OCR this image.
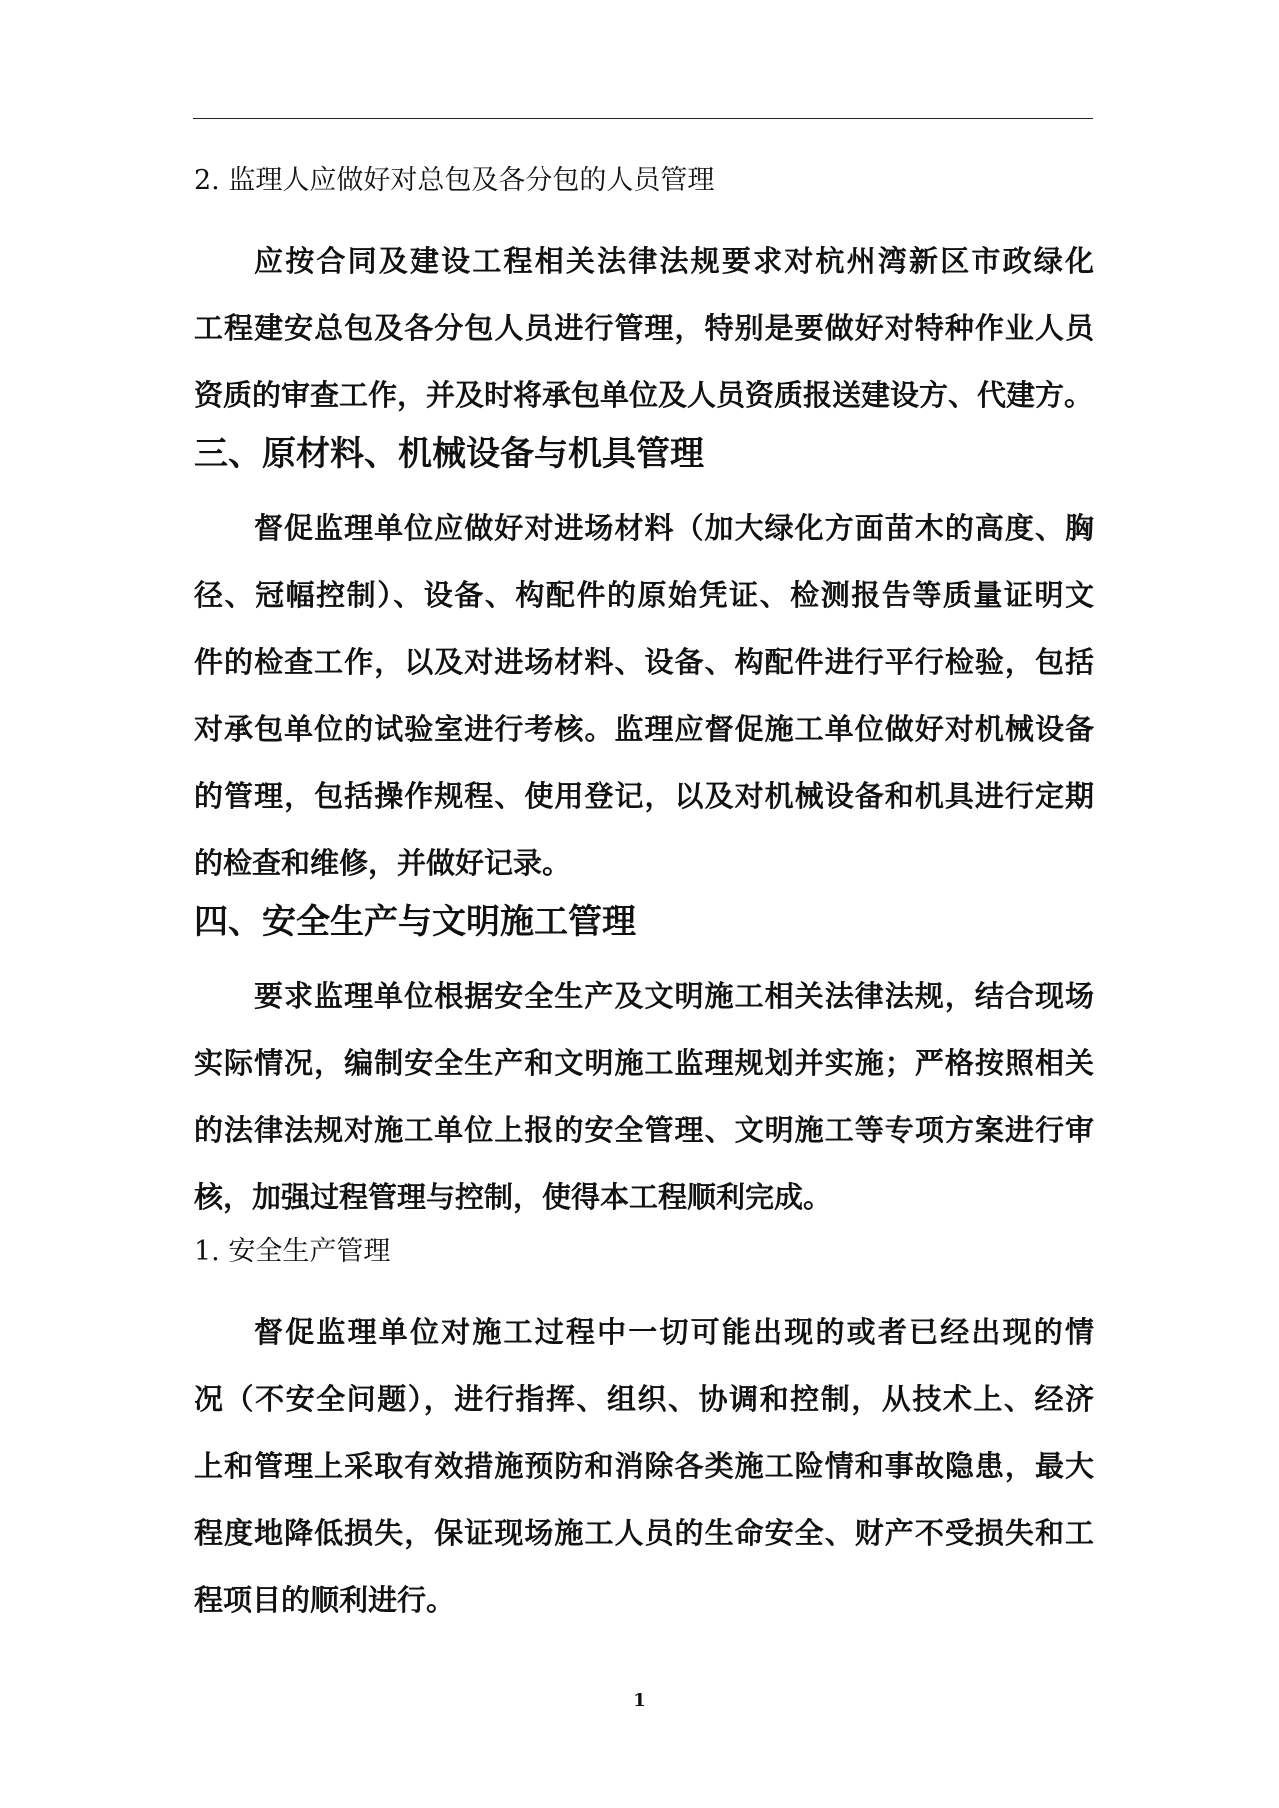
2. 监理人应做好对总包及各分包的人员管理
应按合同及建设工程相关法律法规要求对杭州湾新区市政绿化
工程建安总包及各分包人员进行管理，特别是要做好对特种作业人员
资质的审查工作，并及时将承包单位及人员资质报送建设方、代建方。
三、原材料、机械设备与机具管理
督促监理单位应做好对进场材料（加大绿化方面苗木的高度、胸
径、冠幅控制）、设备、构配件的原始凭证、检测报告等质量证明文
件的检查工作，以及对进场材料、设备、构配件进行平行检验，包括
对承包单位的试验室进行考核。监理应督促施工单位做好对机械设备
的管理，包括操作规程、使用登记，以及对机械设备和机具进行定期
的检查和维修，并做好记录。
四、安全生产与文明施工管理
要求监理单位根据安全生产及文明施工相关法律法规，结合现场
实际情况，编制安全生产和文明施工监理规划并实施；严格按照相关
的法律法规对施工单位上报的安全管理、文明施工等专项方案进行审
核，加强过程管理与控制，使得本工程顺利完成。
1. 安全生产管理
督促监理单位对施工过程中一切可能出现的或者已经出现的情
况（不安全问题），进行指挥、组织、协调和控制，从技术上、经济
上和管理上采取有效措施预防和消除各类施工险情和事故隐患，最大
程度地降低损失，保证现场施工人员的生命安全、财产不受损失和工
程项目的顺利进行。
1
